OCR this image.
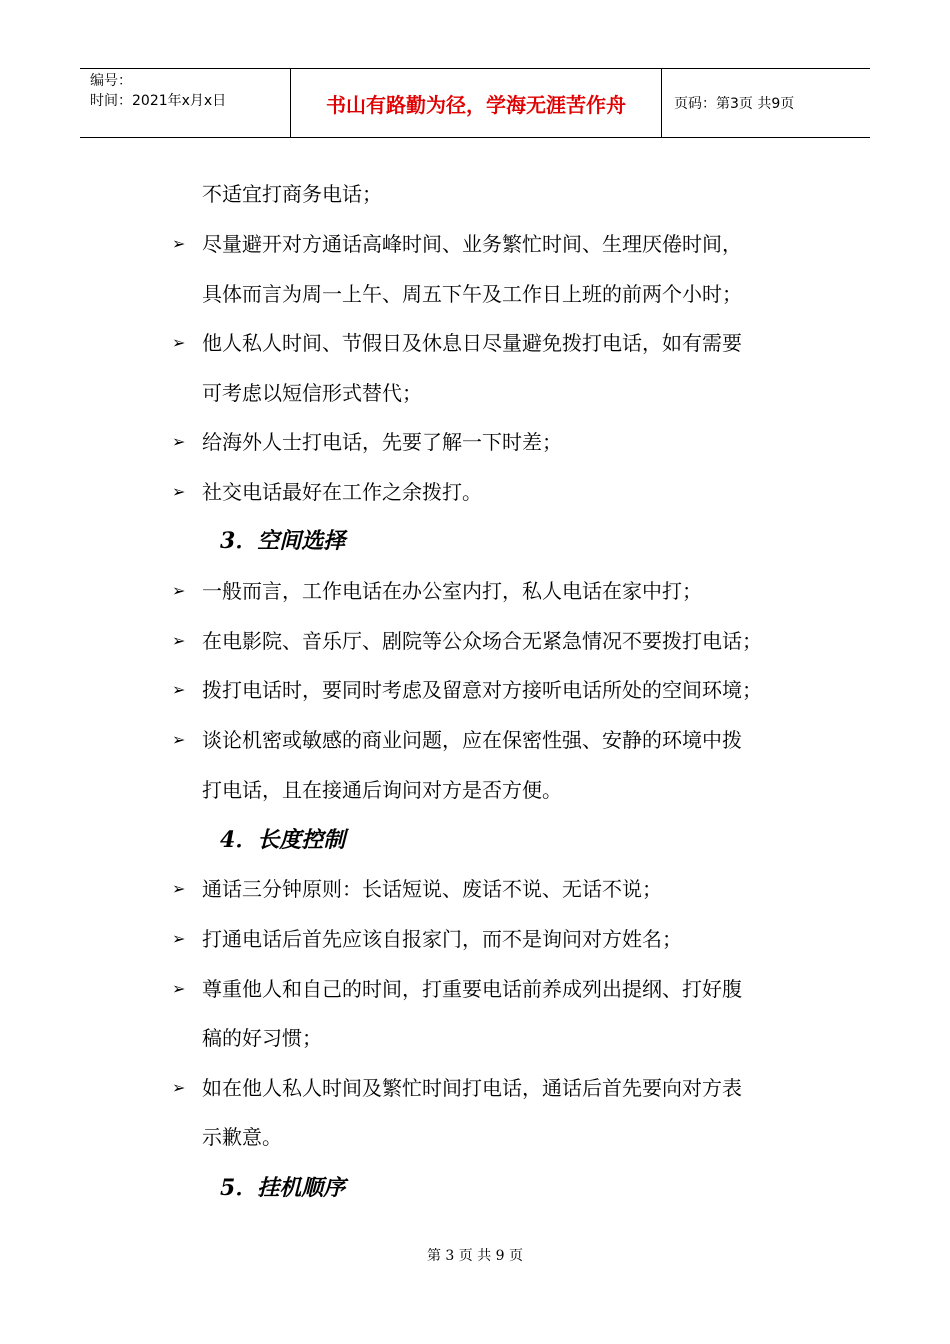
编号：
时间：2021年x月x日	书山有路勤为径，学海无涯苦作舟	页码：第3页 共9页
不适宜打商务电话；
➢ 尽量避开对方通话高峰时间、业务繁忙时间、生理厌倦时间，
具体而言为周一上午、周五下午及工作日上班的前两个小时；
➢ 他人私人时间、节假日及休息日尽量避免拨打电话，如有需要
可考虑以短信形式替代；
➢ 给海外人士打电话，先要了解一下时差；
➢ 社交电话最好在工作之余拨打。
3．空间选择
➢ 一般而言，工作电话在办公室内打，私人电话在家中打；
➢ 在电影院、音乐厅、剧院等公众场合无紧急情况不要拨打电话；
➢ 拨打电话时，要同时考虑及留意对方接听电话所处的空间环境；
➢ 谈论机密或敏感的商业问题，应在保密性强、安静的环境中拨
打电话，且在接通后询问对方是否方便。
4．长度控制
➢ 通话三分钟原则：长话短说、废话不说、无话不说；
➢ 打通电话后首先应该自报家门，而不是询问对方姓名；
➢ 尊重他人和自己的时间，打重要电话前养成列出提纲、打好腹
稿的好习惯；
➢ 如在他人私人时间及繁忙时间打电话，通话后首先要向对方表
示歉意。
5．挂机顺序
第 3 页 共 9 页
